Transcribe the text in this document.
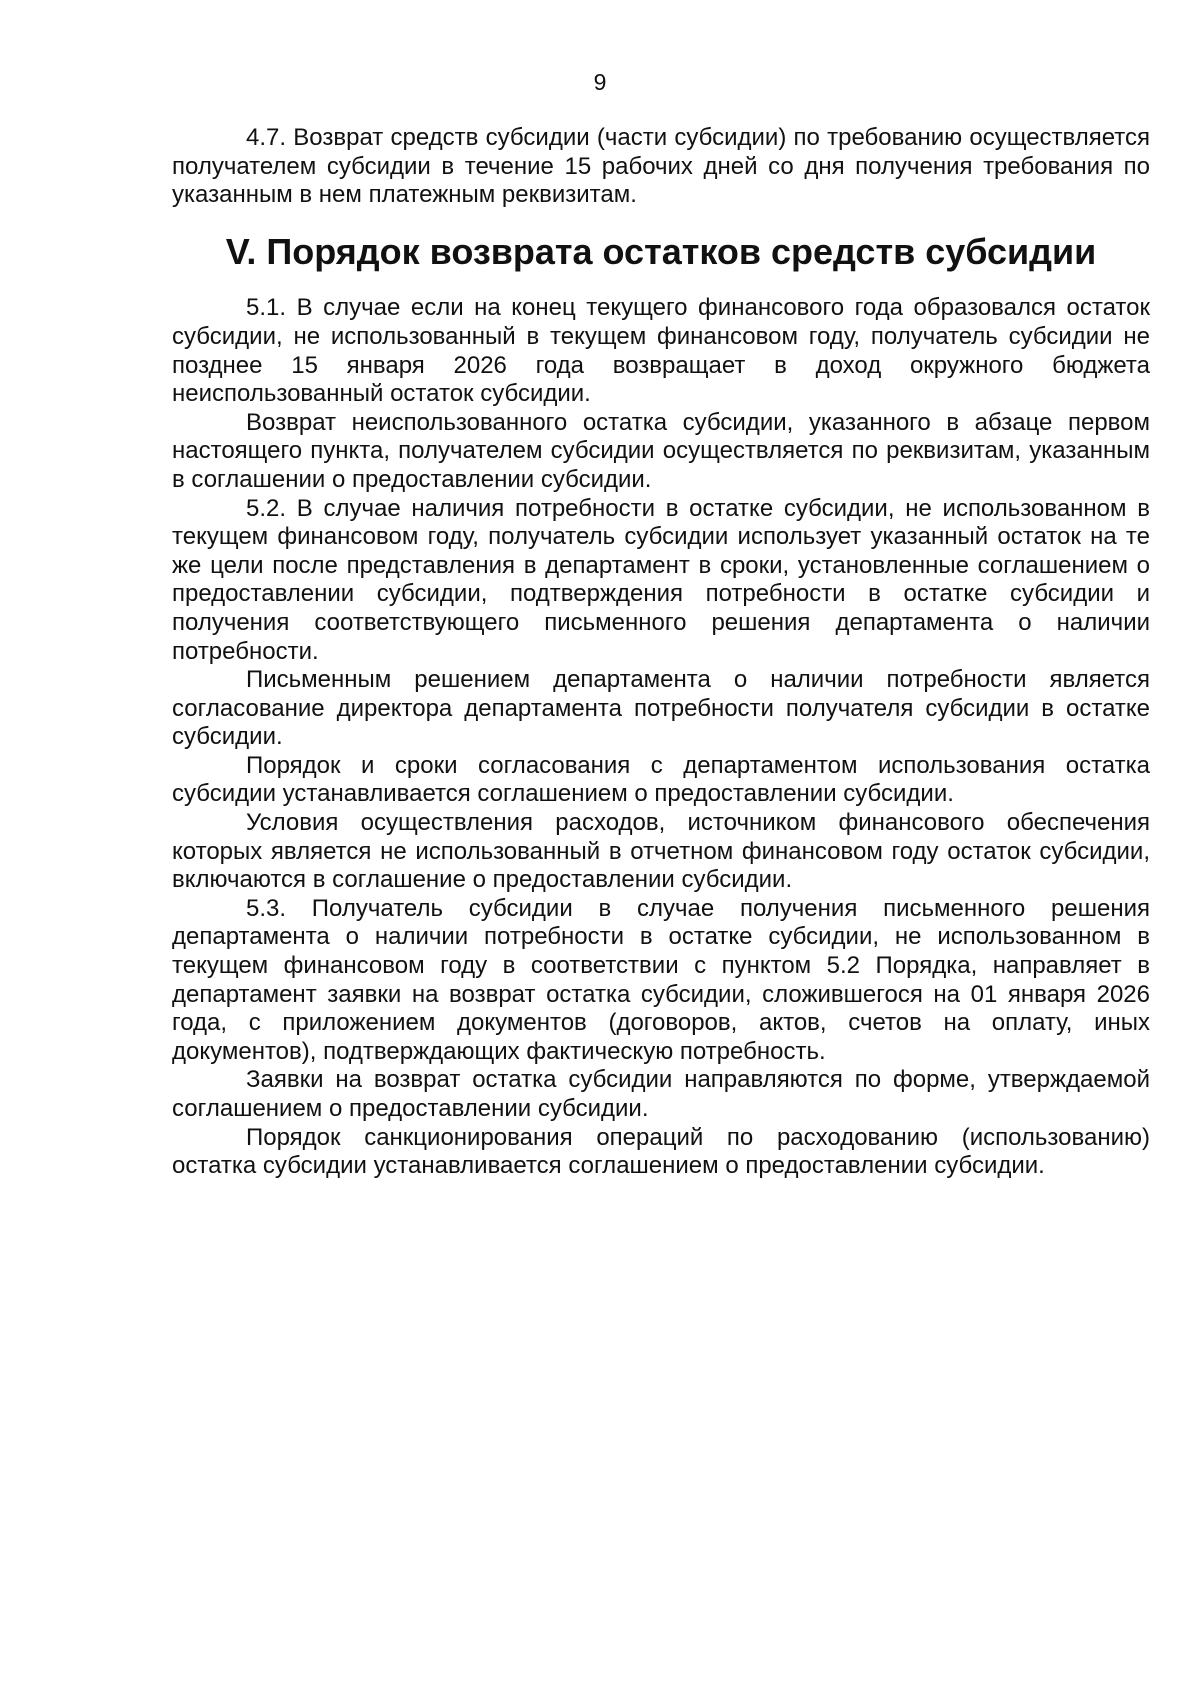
9

4.7. Возврат средств субсидии (части субсидии) по требованию осуществляется получателем субсидии в течение 15 рабочих дней со дня получения требования по указанным в нем платежным реквизитам.

V. Порядок возврата остатков средств субсидии

5.1. В случае если на конец текущего финансового года образовался остаток субсидии, не использованный в текущем финансовом году, получатель субсидии не позднее 15 января 2026 года возвращает в доход окружного бюджета неиспользованный остаток субсидии.

Возврат неиспользованного остатка субсидии, указанного в абзаце первом настоящего пункта, получателем субсидии осуществляется по реквизитам, указанным в соглашении о предоставлении субсидии.

5.2. В случае наличия потребности в остатке субсидии, не использованном в текущем финансовом году, получатель субсидии использует указанный остаток на те же цели после представления в департамент в сроки, установленные соглашением о предоставлении субсидии, подтверждения потребности в остатке субсидии и получения соответствующего письменного решения департамента о наличии потребности.

Письменным решением департамента о наличии потребности является согласование директора департамента потребности получателя субсидии в остатке субсидии.

Порядок и сроки согласования с департаментом использования остатка субсидии устанавливается соглашением о предоставлении субсидии.

Условия осуществления расходов, источником финансового обеспечения которых является не использованный в отчетном финансовом году остаток субсидии, включаются в соглашение о предоставлении субсидии.

5.3. Получатель субсидии в случае получения письменного решения департамента о наличии потребности в остатке субсидии, не использованном в текущем финансовом году в соответствии с пунктом 5.2 Порядка, направляет в департамент заявки на возврат остатка субсидии, сложившегося на 01 января 2026 года, с приложением документов (договоров, актов, счетов на оплату, иных документов), подтверждающих фактическую потребность.

Заявки на возврат остатка субсидии направляются по форме, утверждаемой соглашением о предоставлении субсидии.

Порядок санкционирования операций по расходованию (использованию) остатка субсидии устанавливается соглашением о предоставлении субсидии.
